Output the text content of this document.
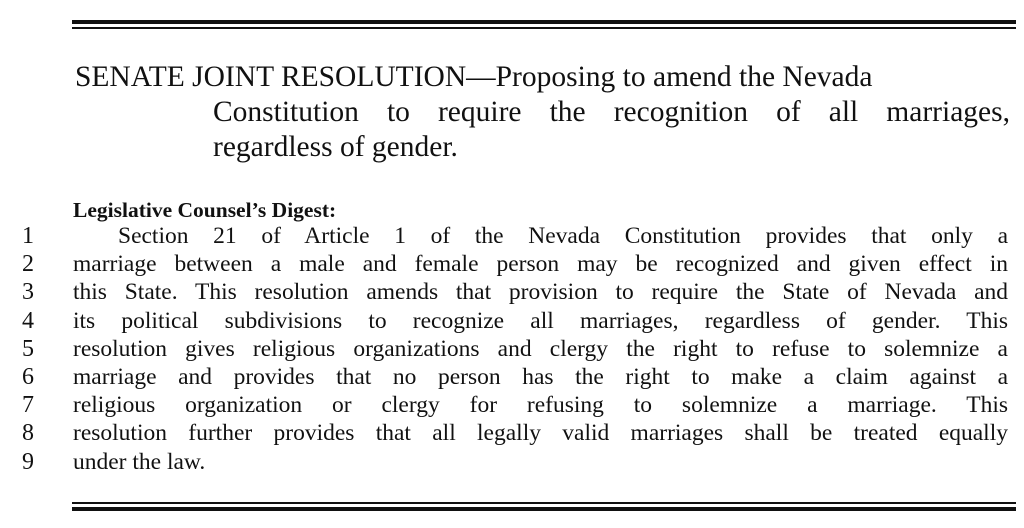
SENATE JOINT RESOLUTION—Proposing to amend the Nevada
Constitution to require the recognition of all marriages,
regardless of gender.
Legislative Counsel’s Digest:
1	Section 21 of Article 1 of the Nevada Constitution provides that only a
2	marriage between a male and female person may be recognized and given effect in
3	this State. This resolution amends that provision to require the State of Nevada and
4	its political subdivisions to recognize all marriages, regardless of gender. This
5	resolution gives religious organizations and clergy the right to refuse to solemnize a
6	marriage and provides that no person has the right to make a claim against a
7	religious organization or clergy for refusing to solemnize a marriage. This
8	resolution further provides that all legally valid marriages shall be treated equally
9	under the law.
